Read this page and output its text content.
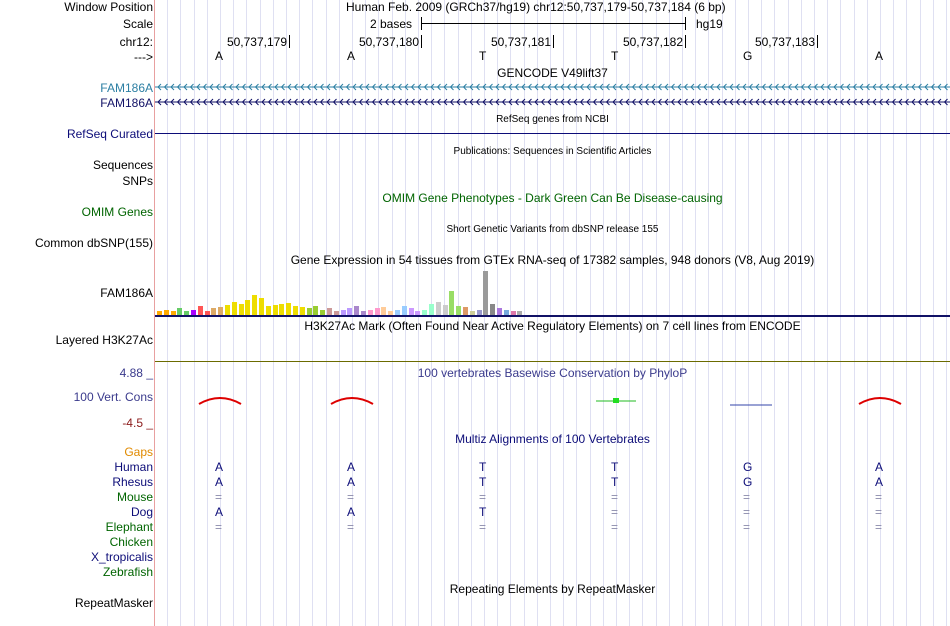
Window Position	Human Feb. 2009 (GRCh37/hg19) chr12:50,737,179-50,737,184 (6 bp)
Scale	2 bases	hg19
chr12:	50,737,179	50,737,180	50,737,181	50,737,182	50,737,183
--->	A	A	T	T	G	A
GENCODE V49lift37
FAM186A
FAM186A
RefSeq genes from NCBI
RefSeq Curated
Publications: Sequences in Scientific Articles
Sequences
SNPs
OMIM Gene Phenotypes - Dark Green Can Be Disease-causing
OMIM Genes
Short Genetic Variants from dbSNP release 155
Common dbSNP(155)
Gene Expression in 54 tissues from GTEx RNA-seq of 17382 samples, 948 donors (V8, Aug 2019)
FAM186A
H3K27Ac Mark (Often Found Near Active Regulatory Elements) on 7 cell lines from ENCODE
Layered H3K27Ac
4.88 _	100 vertebrates Basewise Conservation by PhyloP
100 Vert. Cons
-4.5 _
Multiz Alignments of 100 Vertebrates
Gaps
Human	A	A	T	T	G	A
Rhesus	A	A	T	T	G	A
Mouse	=	=	=	=	=	=
Dog	A	A	T	=	=	=
Elephant	=	=	=	=	=	=
Chicken
X_tropicalis
Zebrafish
Repeating Elements by RepeatMasker
RepeatMasker
